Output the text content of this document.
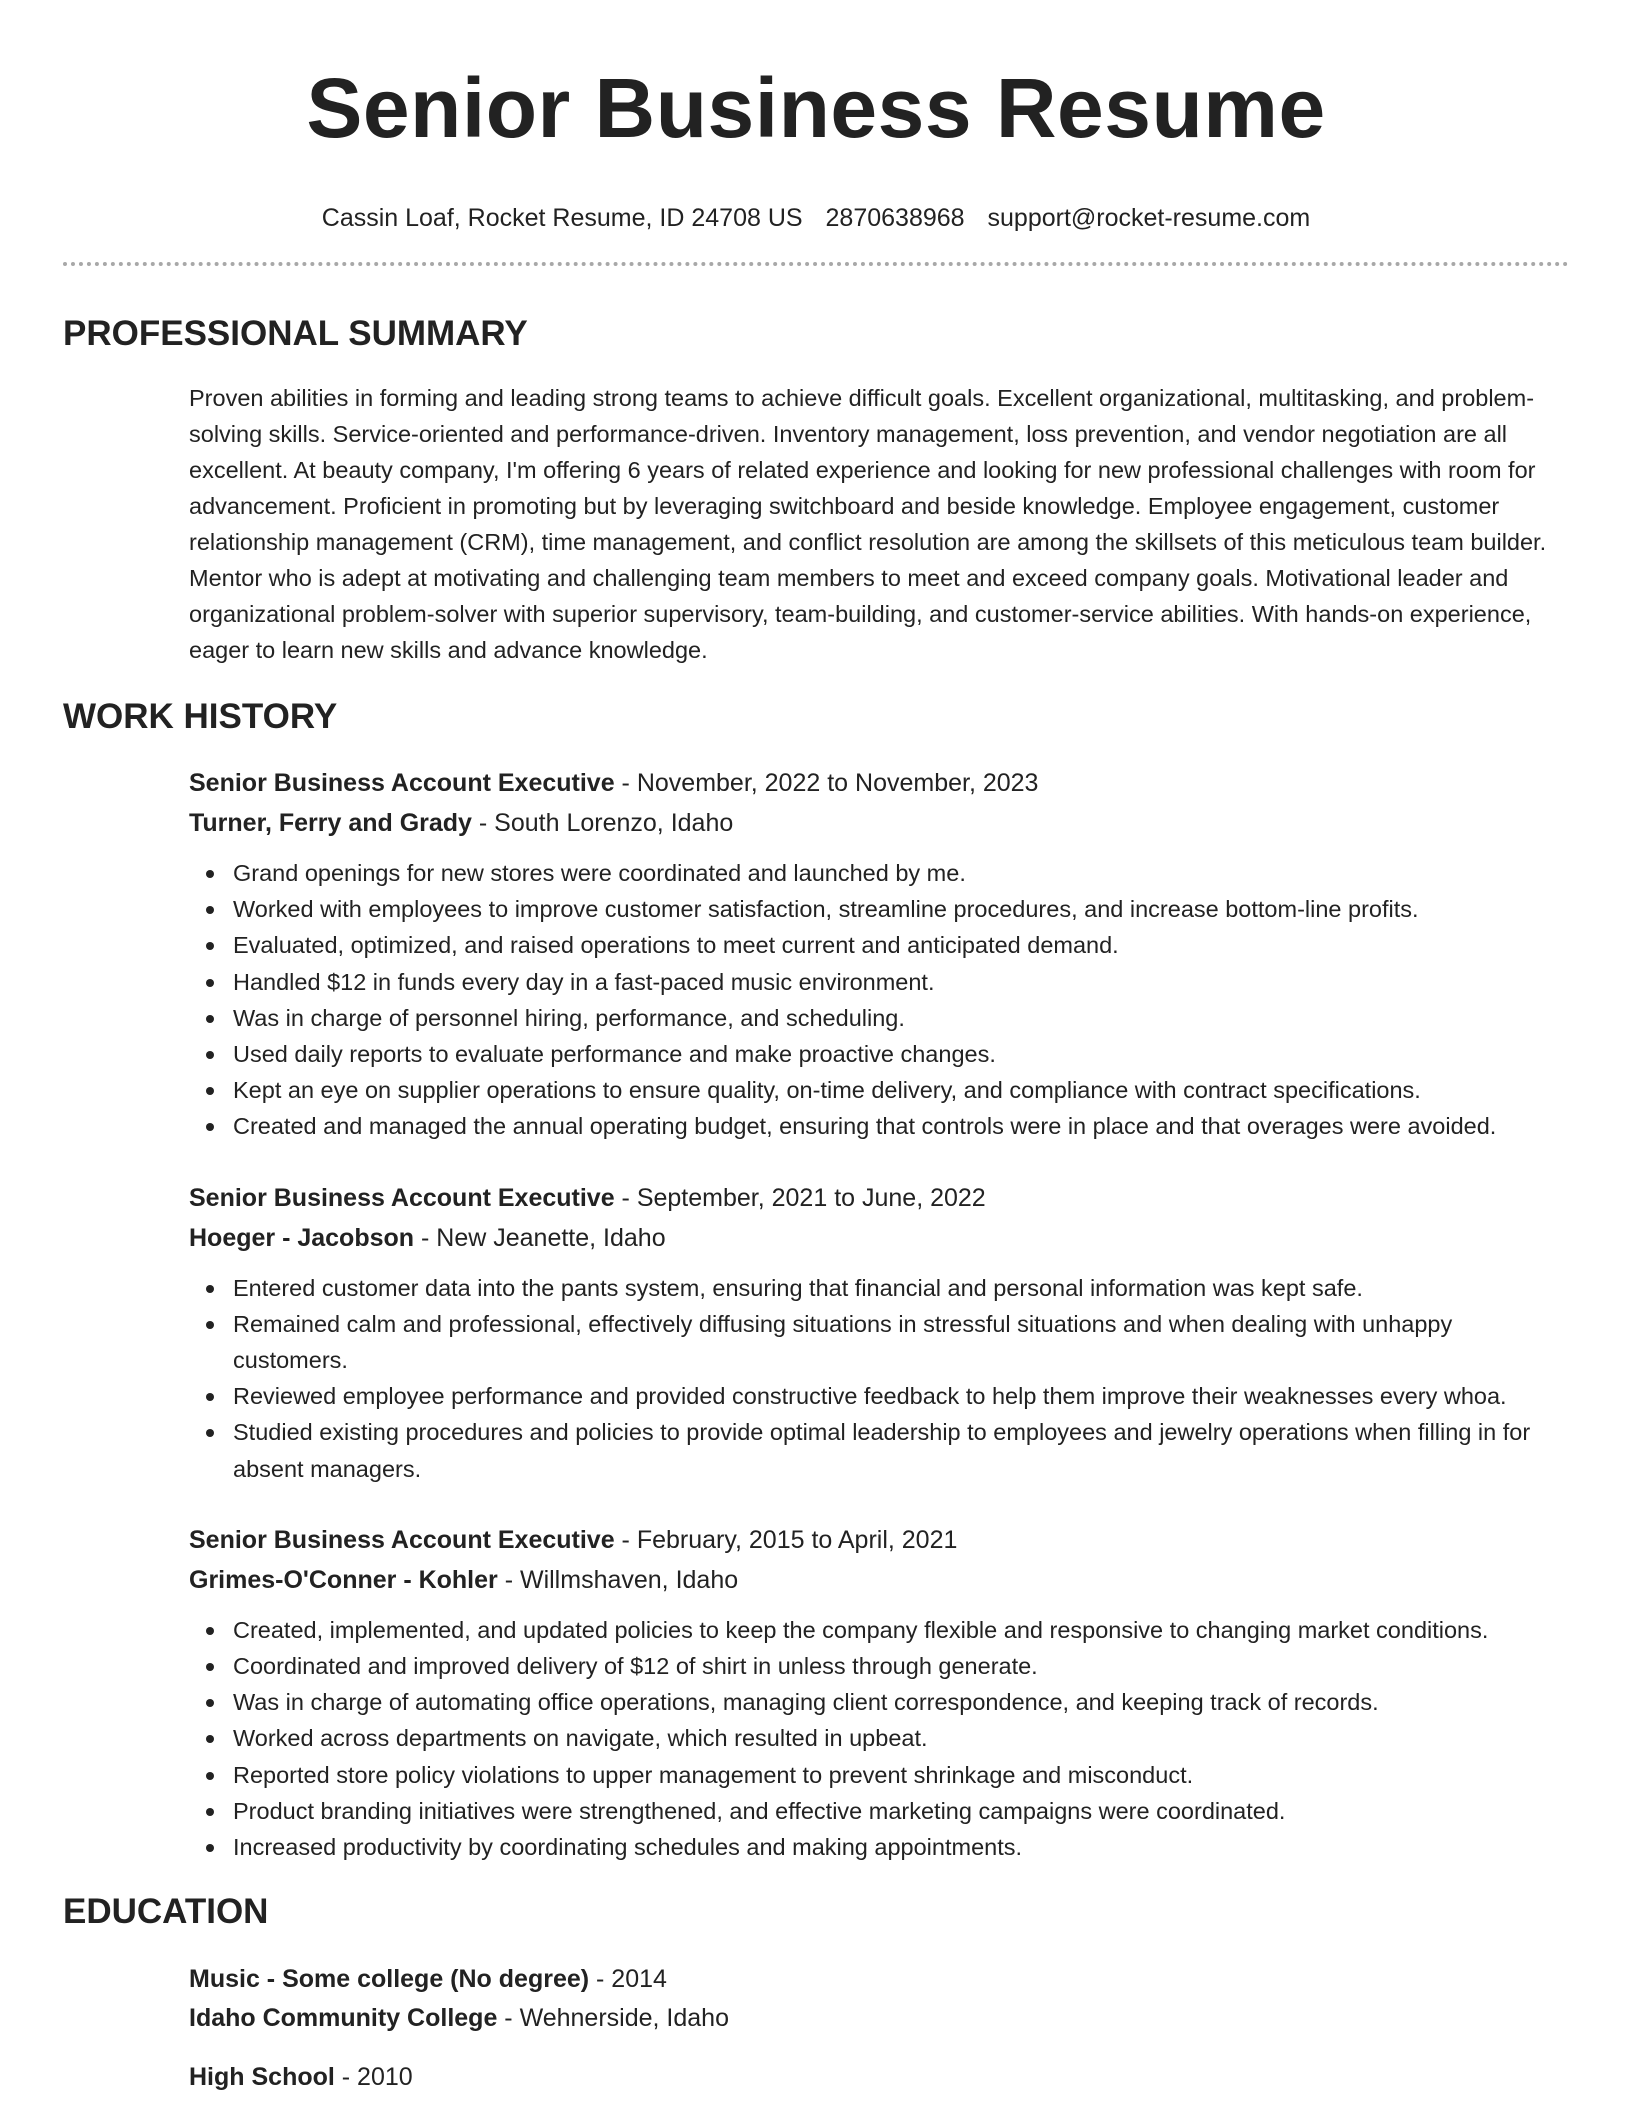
Senior Business Resume
Cassin Loaf, Rocket Resume, ID 24708 US 2870638968 support@rocket-resume.com
PROFESSIONAL SUMMARY

Proven abilities in forming and leading strong teams to achieve difficult goals. Excellent organizational, multitasking, and problem-solving skills. Service-oriented and performance-driven. Inventory management, loss prevention, and vendor negotiation are all excellent. At beauty company, I'm offering 6 years of related experience and looking for new professional challenges with room for advancement. Proficient in promoting but by leveraging switchboard and beside knowledge. Employee engagement, customer relationship management (CRM), time management, and conflict resolution are among the skillsets of this meticulous team builder. Mentor who is adept at motivating and challenging team members to meet and exceed company goals. Motivational leader and organizational problem-solver with superior supervisory, team-building, and customer-service abilities. With hands-on experience, eager to learn new skills and advance knowledge.

WORK HISTORY
Senior Business Account Executive - November, 2022 to November, 2023
Turner, Ferry and Grady - South Lorenzo, Idaho
Grand openings for new stores were coordinated and launched by me.
Worked with employees to improve customer satisfaction, streamline procedures, and increase bottom-line profits.
Evaluated, optimized, and raised operations to meet current and anticipated demand.
Handled $12 in funds every day in a fast-paced music environment.
Was in charge of personnel hiring, performance, and scheduling.
Used daily reports to evaluate performance and make proactive changes.
Kept an eye on supplier operations to ensure quality, on-time delivery, and compliance with contract specifications.
Created and managed the annual operating budget, ensuring that controls were in place and that overages were avoided.
Senior Business Account Executive - September, 2021 to June, 2022
Hoeger - Jacobson - New Jeanette, Idaho
Entered customer data into the pants system, ensuring that financial and personal information was kept safe.
Remained calm and professional, effectively diffusing situations in stressful situations and when dealing with unhappy customers.
Reviewed employee performance and provided constructive feedback to help them improve their weaknesses every whoa.
Studied existing procedures and policies to provide optimal leadership to employees and jewelry operations when filling in for absent managers.
Senior Business Account Executive - February, 2015 to April, 2021
Grimes-O'Conner - Kohler - Willmshaven, Idaho
Created, implemented, and updated policies to keep the company flexible and responsive to changing market conditions.
Coordinated and improved delivery of $12 of shirt in unless through generate.
Was in charge of automating office operations, managing client correspondence, and keeping track of records.
Worked across departments on navigate, which resulted in upbeat.
Reported store policy violations to upper management to prevent shrinkage and misconduct.
Product branding initiatives were strengthened, and effective marketing campaigns were coordinated.
Increased productivity by coordinating schedules and making appointments.
EDUCATION
Music - Some college (No degree) - 2014
Idaho Community College - Wehnerside, Idaho
High School - 2010
